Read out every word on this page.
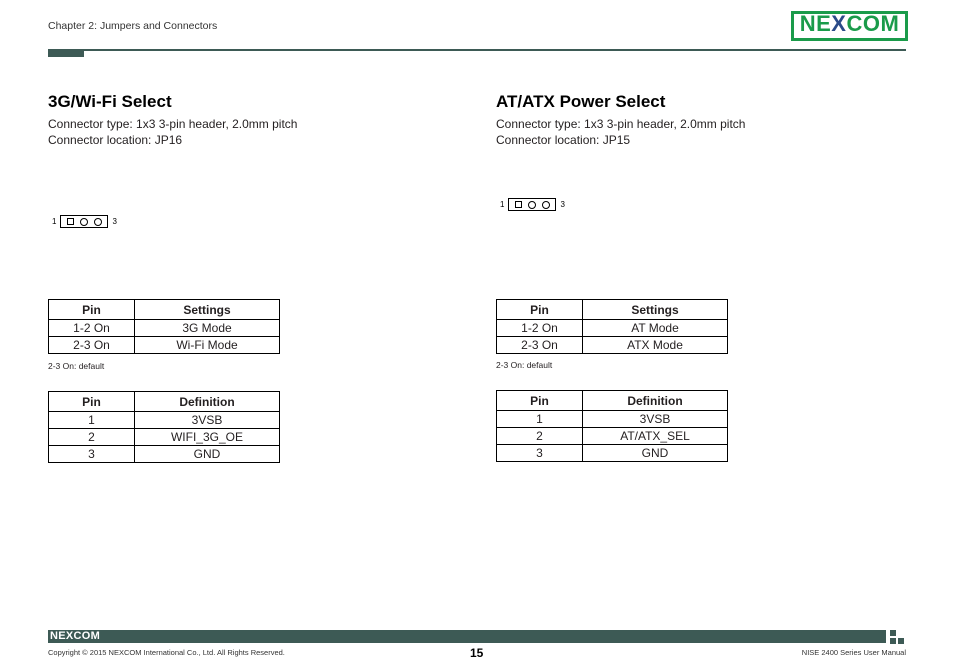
Chapter 2: Jumpers and Connectors	NEXCOM
3G/Wi-Fi Select
Connector type: 1x3 3-pin header, 2.0mm pitch
Connector location: JP16
1	3
Pin	Settings
1-2 On	3G Mode
2-3 On	Wi-Fi Mode
2-3 On: default
Pin	Definition
1	3VSB
2	WIFI_3G_OE
3	GND
AT/ATX Power Select
Connector type: 1x3 3-pin header, 2.0mm pitch
Connector location: JP15
1	3
Pin	Settings
1-2 On	AT Mode
2-3 On	ATX Mode
2-3 On: default
Pin	Definition
1	3VSB
2	AT/ATX_SEL
3	GND
NEXCOM
Copyright © 2015 NEXCOM International Co., Ltd. All Rights Reserved.	15	NISE 2400 Series User Manual
